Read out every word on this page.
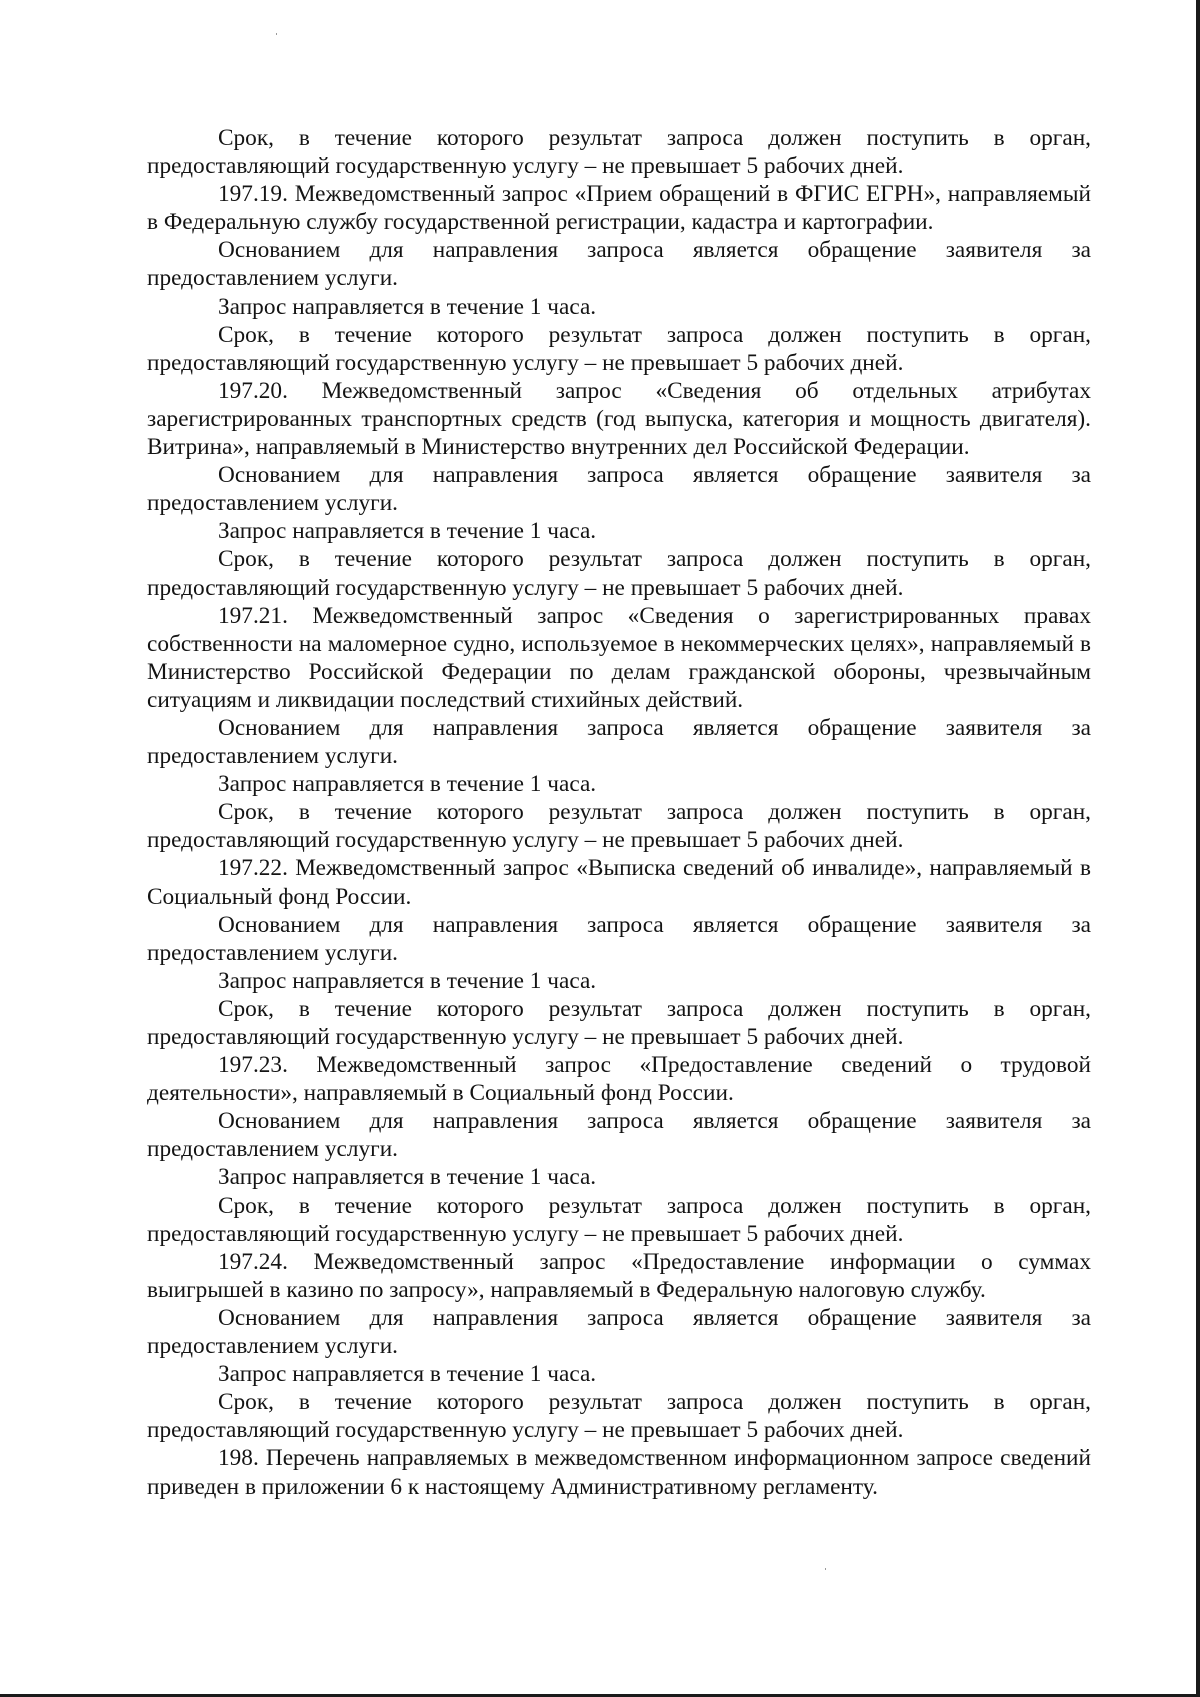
Срок, в течение которого результат запроса должен поступить в орган, предоставляющий государственную услугу – не превышает 5 рабочих дней.

197.19. Межведомственный запрос «Прием обращений в ФГИС ЕГРН», направляемый в Федеральную службу государственной регистрации, кадастра и картографии.

Основанием для направления запроса является обращение заявителя за предоставлением услуги.

Запрос направляется в течение 1 часа.

Срок, в течение которого результат запроса должен поступить в орган, предоставляющий государственную услугу – не превышает 5 рабочих дней.

197.20. Межведомственный запрос «Сведения об отдельных атрибутах зарегистрированных транспортных средств (год выпуска, категория и мощность двигателя). Витрина», направляемый в Министерство внутренних дел Российской Федерации.

Основанием для направления запроса является обращение заявителя за предоставлением услуги.

Запрос направляется в течение 1 часа.

Срок, в течение которого результат запроса должен поступить в орган, предоставляющий государственную услугу – не превышает 5 рабочих дней.

197.21. Межведомственный запрос «Сведения о зарегистрированных правах собственности на маломерное судно, используемое в некоммерческих целях», направляемый в Министерство Российской Федерации по делам гражданской обороны, чрезвычайным ситуациям и ликвидации последствий стихийных действий.

Основанием для направления запроса является обращение заявителя за предоставлением услуги.

Запрос направляется в течение 1 часа.

Срок, в течение которого результат запроса должен поступить в орган, предоставляющий государственную услугу – не превышает 5 рабочих дней.

197.22. Межведомственный запрос «Выписка сведений об инвалиде», направляемый в Социальный фонд России.

Основанием для направления запроса является обращение заявителя за предоставлением услуги.

Запрос направляется в течение 1 часа.

Срок, в течение которого результат запроса должен поступить в орган, предоставляющий государственную услугу – не превышает 5 рабочих дней.

197.23. Межведомственный запрос «Предоставление сведений о трудовой деятельности», направляемый в Социальный фонд России.

Основанием для направления запроса является обращение заявителя за предоставлением услуги.

Запрос направляется в течение 1 часа.

Срок, в течение которого результат запроса должен поступить в орган, предоставляющий государственную услугу – не превышает 5 рабочих дней.

197.24. Межведомственный запрос «Предоставление информации о суммах выигрышей в казино по запросу», направляемый в Федеральную налоговую службу.

Основанием для направления запроса является обращение заявителя за предоставлением услуги.

Запрос направляется в течение 1 часа.

Срок, в течение которого результат запроса должен поступить в орган, предоставляющий государственную услугу – не превышает 5 рабочих дней.

198. Перечень направляемых в межведомственном информационном запросе сведений приведен в приложении 6 к настоящему Административному регламенту.
